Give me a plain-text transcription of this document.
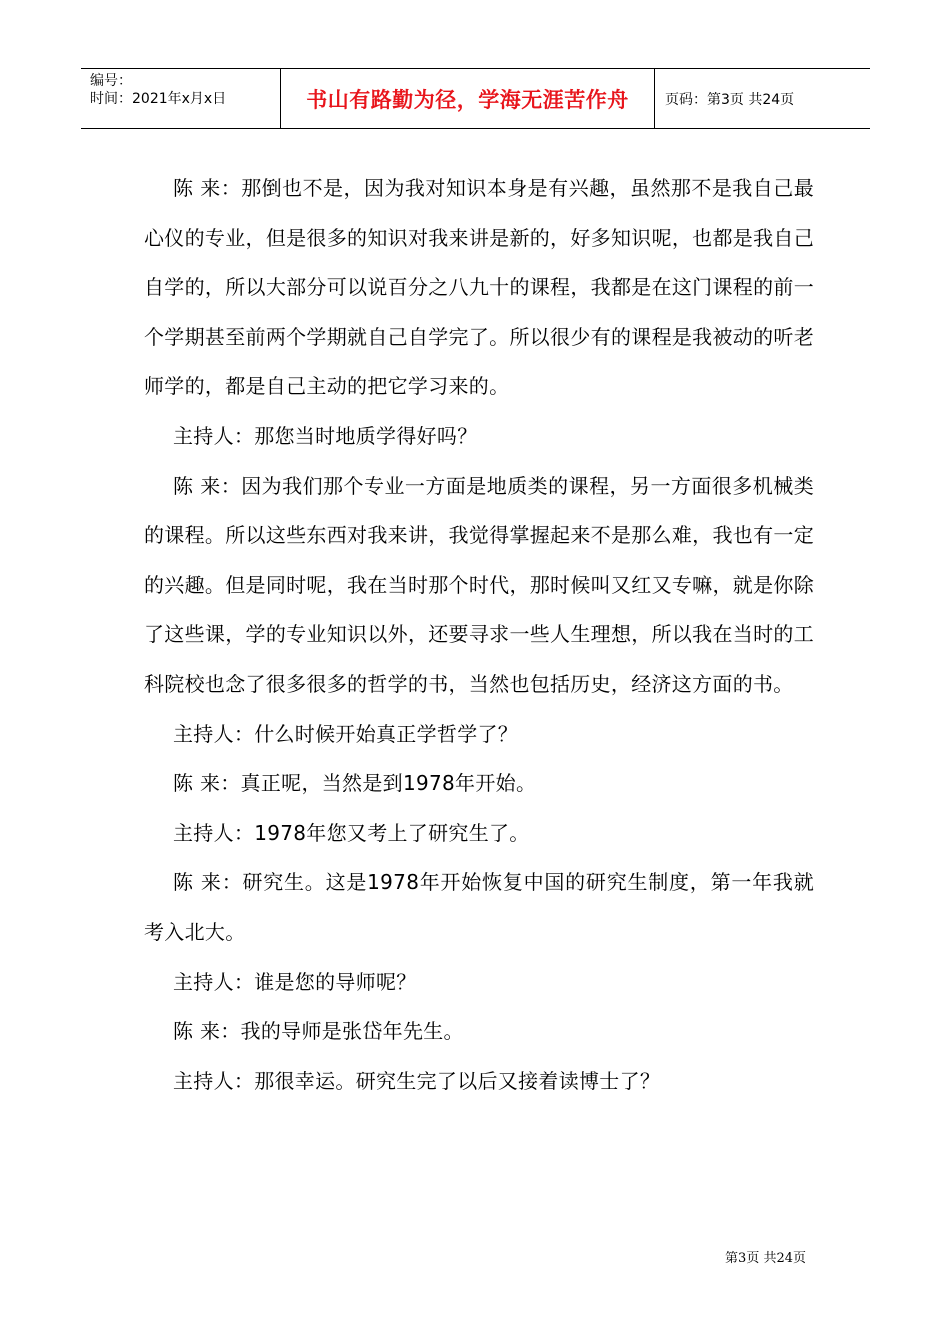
编号：
时间：2021年x月x日	书山有路勤为径，学海无涯苦作舟	页码：第3页 共24页

陈 来：那倒也不是，因为我对知识本身是有兴趣，虽然那不是我自己最心仪的专业，但是很多的知识对我来讲是新的，好多知识呢，也都是我自己自学的，所以大部分可以说百分之八九十的课程，我都是在这门课程的前一个学期甚至前两个学期就自己自学完了。所以很少有的课程是我被动的听老师学的，都是自己主动的把它学习来的。

主持人：那您当时地质学得好吗？

陈 来：因为我们那个专业一方面是地质类的课程，另一方面很多机械类的课程。所以这些东西对我来讲，我觉得掌握起来不是那么难，我也有一定的兴趣。但是同时呢，我在当时那个时代，那时候叫又红又专嘛，就是你除了这些课，学的专业知识以外，还要寻求一些人生理想，所以我在当时的工科院校也念了很多很多的哲学的书，当然也包括历史，经济这方面的书。

主持人：什么时候开始真正学哲学了？

陈 来：真正呢，当然是到1978年开始。

主持人：1978年您又考上了研究生了。

陈 来：研究生。这是1978年开始恢复中国的研究生制度，第一年我就考入北大。

主持人：谁是您的导师呢？

陈 来：我的导师是张岱年先生。

主持人：那很幸运。研究生完了以后又接着读博士了？

第3页 共24页
